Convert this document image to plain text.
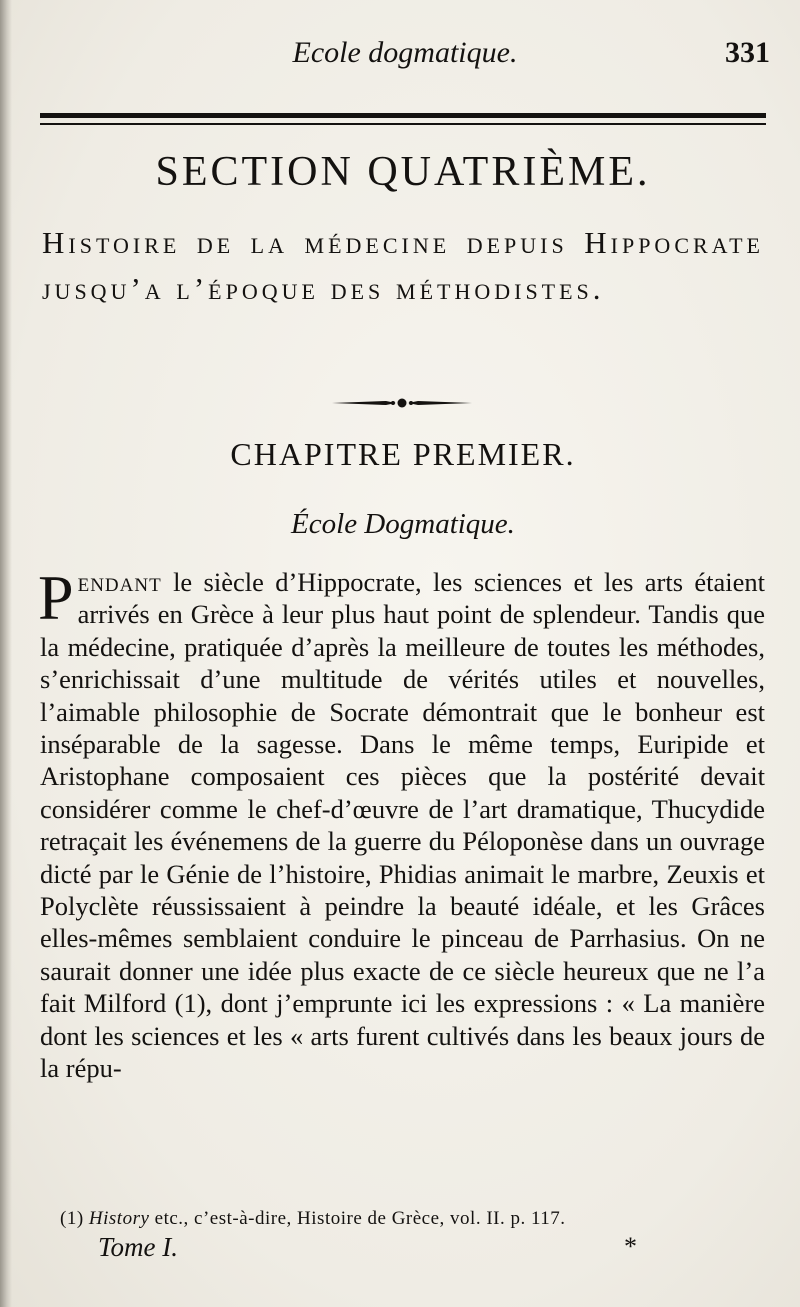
Ecole dogmatique.	331
SECTION QUATRIÈME.
Histoire de la médecine depuis Hippocrate jusqu’a l’époque des méthodistes.
CHAPITRE PREMIER.
École Dogmatique.
Pendant le siècle d’Hippocrate, les sciences et les arts étaient arrivés en Grèce à leur plus haut point de splendeur. Tandis que la médecine, pratiquée d’après la meilleure de toutes les méthodes, s’enrichissait d’une multitude de vérités utiles et nouvelles, l’aimable philosophie de Socrate démontrait que le bonheur est inséparable de la sagesse. Dans le même temps, Euripide et Aristophane composaient ces pièces que la postérité devait considérer comme le chef-d’œuvre de l’art dramatique, Thucydide retraçait les événemens de la guerre du Péloponèse dans un ouvrage dicté par le Génie de l’histoire, Phidias animait le marbre, Zeuxis et Polyclète réussissaient à peindre la beauté idéale, et les Grâces elles-mêmes semblaient conduire le pinceau de Parrhasius. On ne saurait donner une idée plus exacte de ce siècle heureux que ne l’a fait Milford (1), dont j’emprunte ici les expressions : « La manière dont les sciences et les « arts furent cultivés dans les beaux jours de la répu-
(1) History etc., c’est-à-dire, Histoire de Grèce, vol. II. p. 117.
Tome I.	*
